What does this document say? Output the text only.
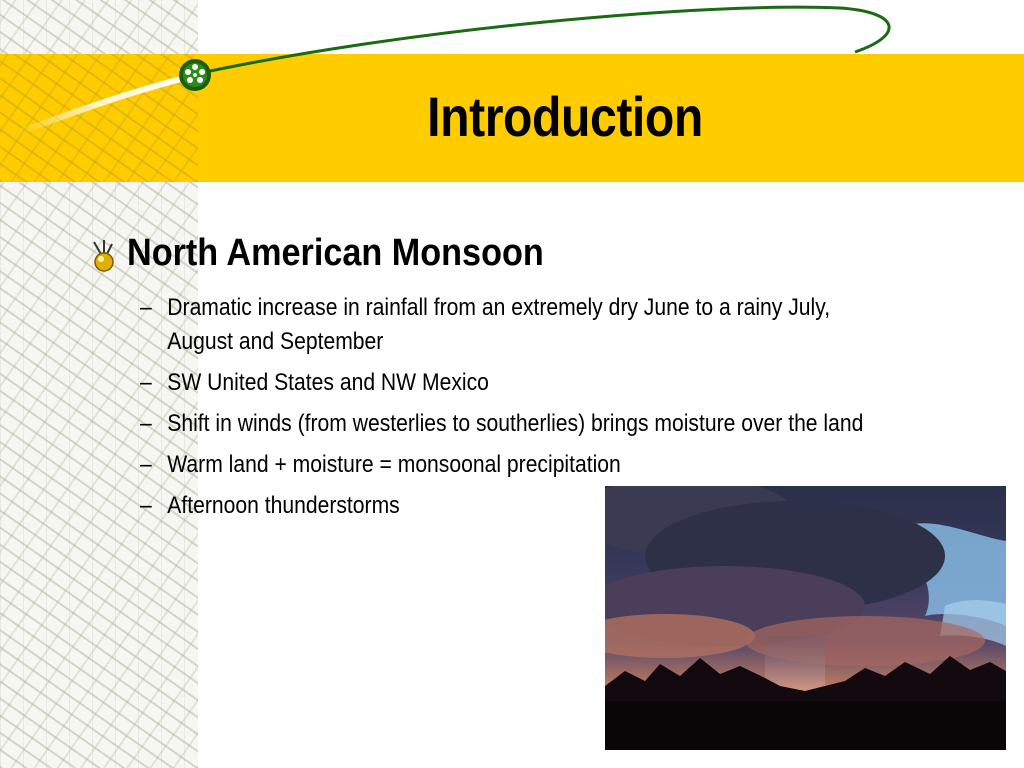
Introduction
North American Monsoon
– Dramatic increase in rainfall from an extremely dry June to a rainy July,
August and September
– SW United States and NW Mexico
– Shift in winds (from westerlies to southerlies) brings moisture over the land
– Warm land + moisture = monsoonal precipitation
– Afternoon thunderstorms
